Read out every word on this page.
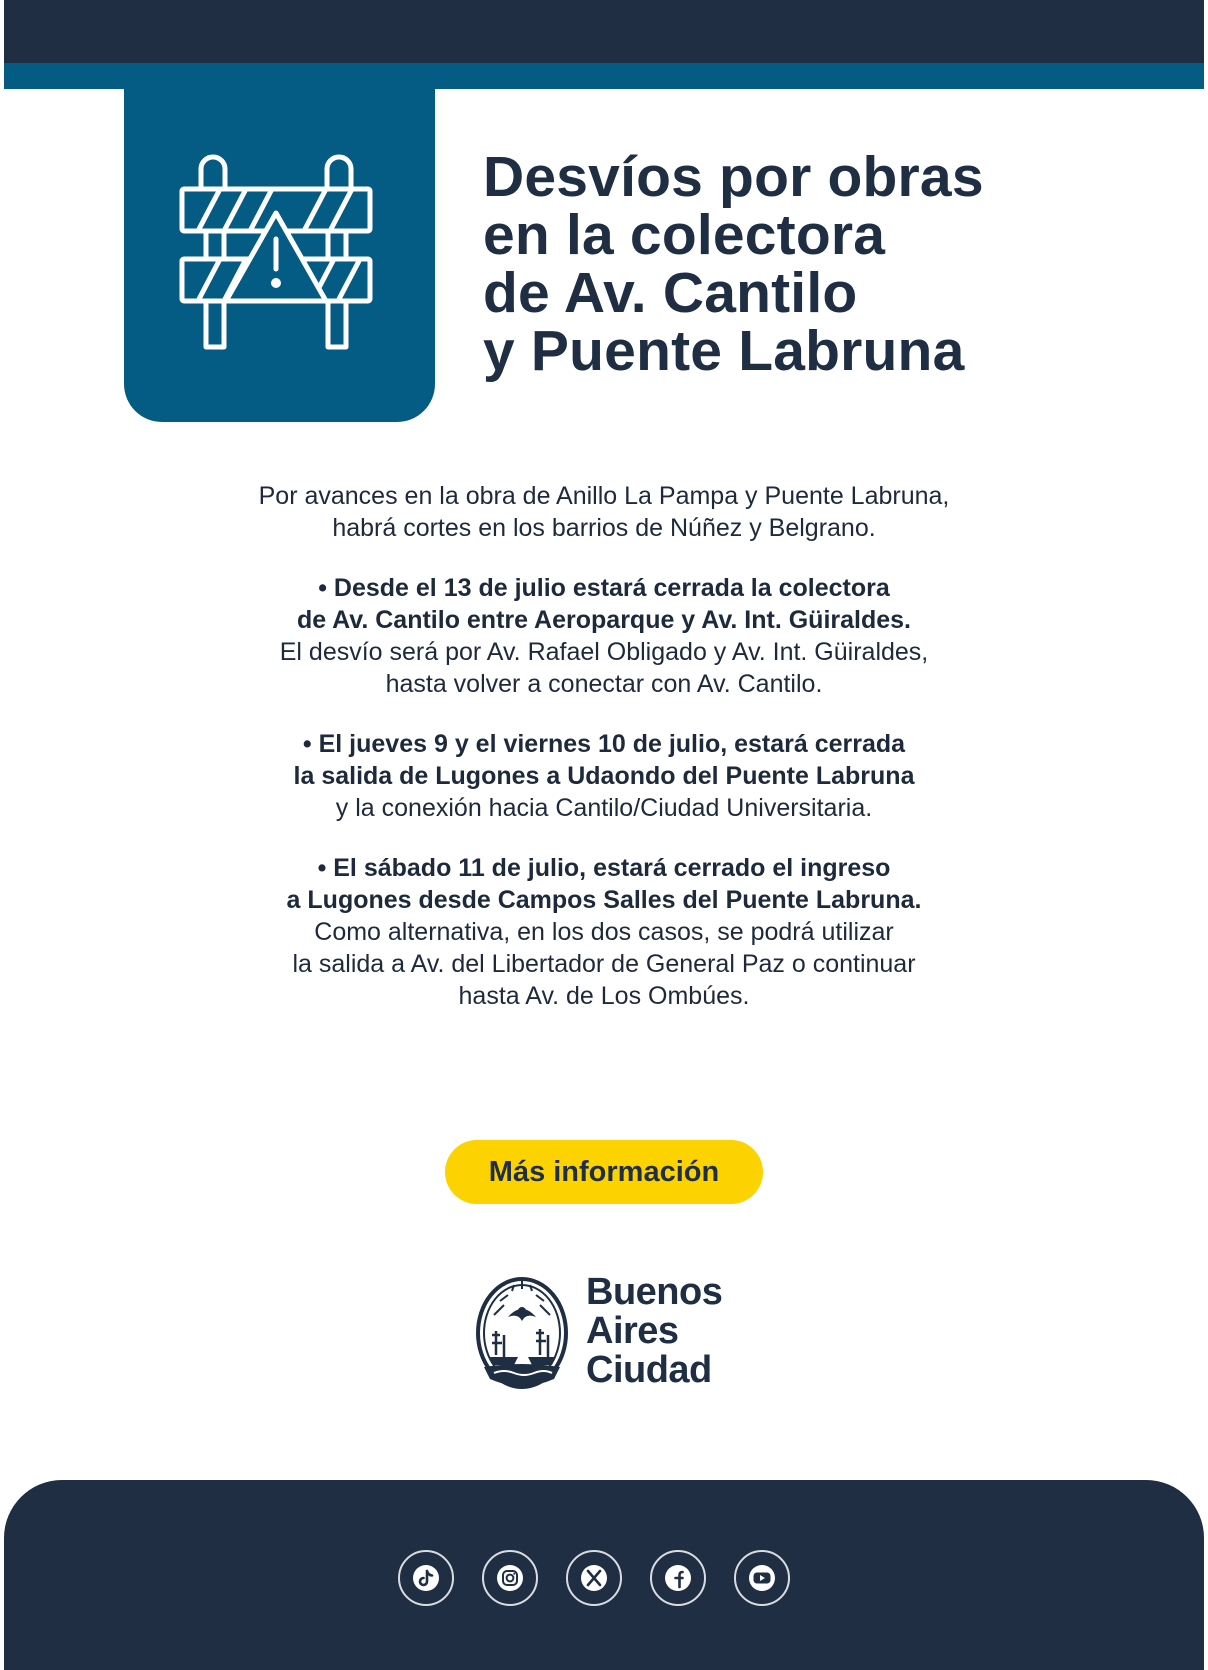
Desvíos por obras
en la colectora
de Av. Cantilo
y Puente Labruna

Por avances en la obra de Anillo La Pampa y Puente Labruna,
habrá cortes en los barrios de Núñez y Belgrano.

• Desde el 13 de julio estará cerrada la colectora
de Av. Cantilo entre Aeroparque y Av. Int. Güiraldes.
El desvío será por Av. Rafael Obligado y Av. Int. Güiraldes,
hasta volver a conectar con Av. Cantilo.

• El jueves 9 y el viernes 10 de julio, estará cerrada
la salida de Lugones a Udaondo del Puente Labruna
y la conexión hacia Cantilo/Ciudad Universitaria.

• El sábado 11 de julio, estará cerrado el ingreso
a Lugones desde Campos Salles del Puente Labruna.
Como alternativa, en los dos casos, se podrá utilizar
la salida a Av. del Libertador de General Paz o continuar
hasta Av. de Los Ombúes.

Más información
Buenos
Aires
Ciudad
